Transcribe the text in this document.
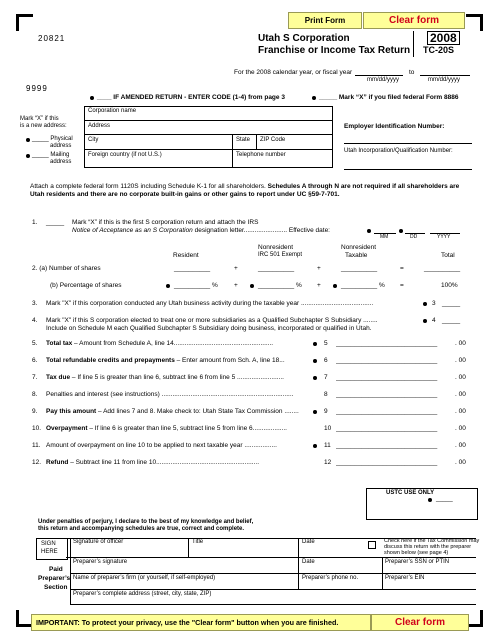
Print Form	Clear form
20821
9999
Utah S Corporation
Franchise or Income Tax Return
2008
TC-20S
For the 2008 calendar year, or fiscal year	to
mm/dd/yyyy	mm/dd/yyyy
____ IF AMENDED RETURN - ENTER CODE (1-4) from page 3	_____ Mark “X” if you filed federal Form 8886
Mark “X” if this
is a new address:
_____ Physical
address
_____ Mailing
address
Corporation name
Address
City	State ZIP Code
Foreign country (if not U.S.)	Telephone number
Employer Identification Number:
Utah Incorporation/Qualification Number:
Attach a complete federal form 1120S including Schedule K-1 for all shareholders. Schedules A through N are not required if all shareholders are Utah residents and there are no corporate built-in gains or other gains to report under UC §59-7-701.
1. _____ Mark “X” if this is the first S corporation return and attach the IRS
Notice of Acceptance as an S Corporation designation letter........................ Effective date:
MM	DD	YYYY
Resident
Nonresident
IRC 501 Exempt
Nonresident
Taxable	Total
2. (a) Number of shares	__________	+	__________	+	__________	=	__________
(b) Percentage of shares	__________ % +	__________ % +	__________ % =	100%
3. Mark "X" if this corporation conducted any Utah business activity during the taxable year ........................................	3 _____
4. Mark "X" if this S corporation elected to treat one or more subsidiaries as a Qualified Subchapter S Subsidiary ........
Include on Schedule M each Qualified Subchapter S Subsidiary doing business, incorporated or qualified in Utah.
4 _____
5. Total tax – Amount from Schedule A, line 14.......................................................	5 ____________________________	. 00
6. Total refundable credits and prepayments – Enter amount from Sch. A, line 18...	6 ____________________________	. 00
7. Tax due – If line 5 is greater than line 6, subtract line 6 from line 5 ..........................	7 ____________________________	. 00
8. Penalties and interest (see instructions) .........................................................................	8 ____________________________	. 00
9. Pay this amount – Add lines 7 and 8. Make check to: Utah State Tax Commission ........	9 ____________________________	. 00
10. Overpayment – If line 6 is greater than line 5, subtract line 5 from line 6...................	10 ____________________________	. 00
11. Amount of overpayment on line 10 to be applied to next taxable year ..................	11 ____________________________	. 00
12. Refund – Subtract line 11 from line 10.........................................................	12 ____________________________	. 00
USTC USE ONLY
_____
Under penalties of perjury, I declare to the best of my knowledge and belief,
this return and accompanying schedules are true, correct and complete.
SIGN
HERE
Signature of officer	Title	Date	Check here if the Tax Commission may discuss this return with the preparer shown below (see page 4)
Paid
Preparer’s
Section
Preparer’s signature	Date	Preparer’s SSN or PTIN
Name of preparer’s firm (or yourself, if self-employed)	Preparer’s phone no.	Preparer’s EIN
Preparer’s complete address (street, city, state, ZIP)
IMPORTANT: To protect your privacy, use the "Clear form" button when you are finished.	Clear form
